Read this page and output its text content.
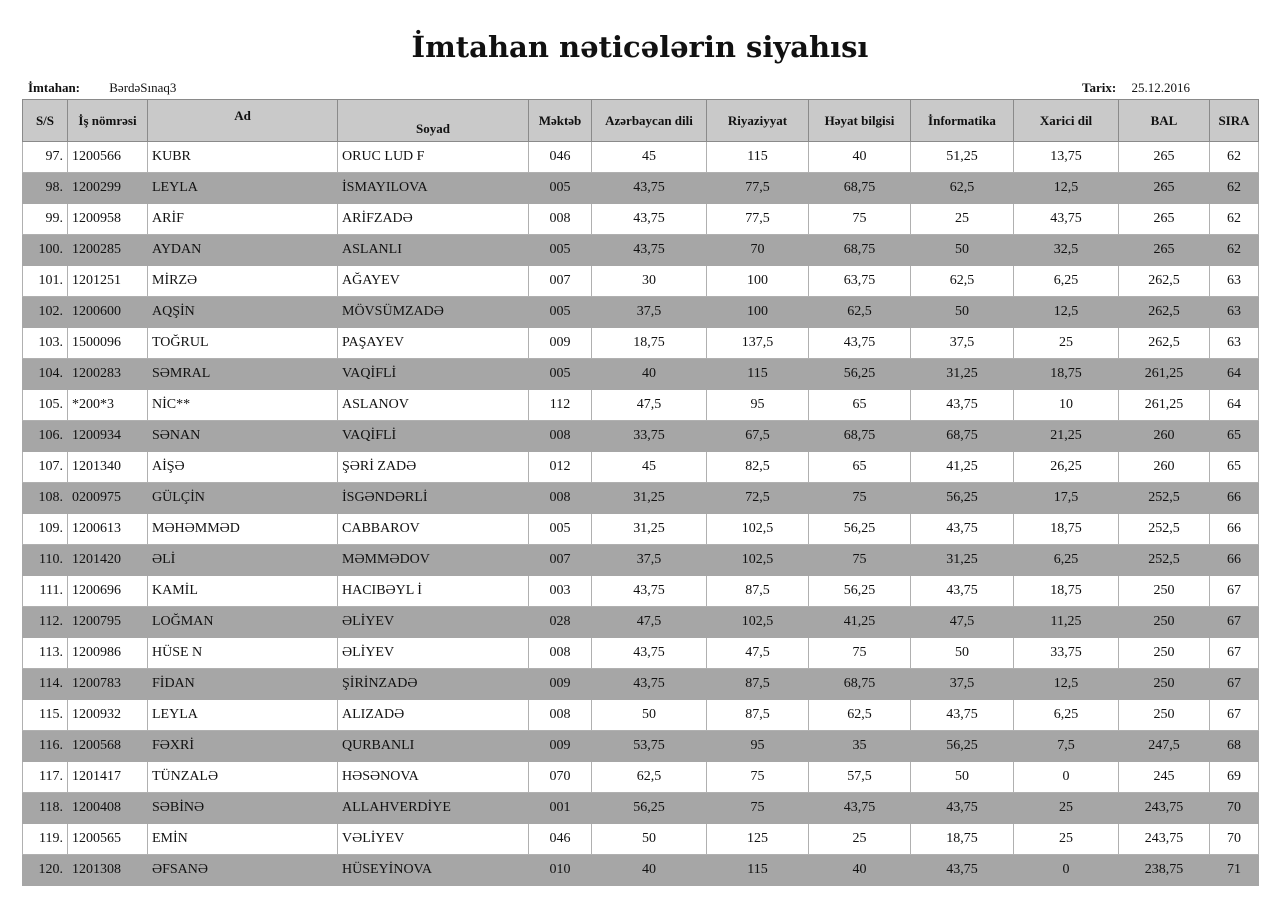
İmtahan nəticələrin siyahısı
İmtahan: BərdəSınaq3	Tarix: 25.12.2016
S/S	İş nömrəsi	Ad	Soyad	Məktəb	Azərbaycan dili	Riyaziyyat	Həyat bilgisi	İnformatika	Xarici dil	BAL	SIRA
97.	1200566	KUBR	ORUC LUD F	046	45	115	40	51,25	13,75	265	62
98.	1200299	LEYLA	İSMAYILOVA	005	43,75	77,5	68,75	62,5	12,5	265	62
99.	1200958	ARİF	ARİFZADƏ	008	43,75	77,5	75	25	43,75	265	62
100.	1200285	AYDAN	ASLANLI	005	43,75	70	68,75	50	32,5	265	62
101.	1201251	MİRZƏ	AĞAYEV	007	30	100	63,75	62,5	6,25	262,5	63
102.	1200600	AQŞİN	MÖVSÜMZADƏ	005	37,5	100	62,5	50	12,5	262,5	63
103.	1500096	TOĞRUL	PAŞAYEV	009	18,75	137,5	43,75	37,5	25	262,5	63
104.	1200283	SƏMRAL	VAQİFLİ	005	40	115	56,25	31,25	18,75	261,25	64
105.	*200*3	NİC**	ASLANOV	112	47,5	95	65	43,75	10	261,25	64
106.	1200934	SƏNAN	VAQİFLİ	008	33,75	67,5	68,75	68,75	21,25	260	65
107.	1201340	AİŞƏ	ŞƏRİ ZADƏ	012	45	82,5	65	41,25	26,25	260	65
108.	0200975	GÜLÇİN	İSGƏNDƏRLİ	008	31,25	72,5	75	56,25	17,5	252,5	66
109.	1200613	MƏHƏMMƏD	CABBAROV	005	31,25	102,5	56,25	43,75	18,75	252,5	66
110.	1201420	ƏLİ	MƏMMƏDOV	007	37,5	102,5	75	31,25	6,25	252,5	66
111.	1200696	KAMİL	HACIBƏYL İ	003	43,75	87,5	56,25	43,75	18,75	250	67
112.	1200795	LOĞMAN	ƏLİYEV	028	47,5	102,5	41,25	47,5	11,25	250	67
113.	1200986	HÜSE N	ƏLİYEV	008	43,75	47,5	75	50	33,75	250	67
114.	1200783	FİDAN	ŞİRİNZADƏ	009	43,75	87,5	68,75	37,5	12,5	250	67
115.	1200932	LEYLA	ALIZADƏ	008	50	87,5	62,5	43,75	6,25	250	67
116.	1200568	FƏXRİ	QURBANLI	009	53,75	95	35	56,25	7,5	247,5	68
117.	1201417	TÜNZALƏ	HƏSƏNOVA	070	62,5	75	57,5	50	0	245	69
118.	1200408	SƏBİNƏ	ALLAHVERDİYE	001	56,25	75	43,75	43,75	25	243,75	70
119.	1200565	EMİN	VƏLİYEV	046	50	125	25	18,75	25	243,75	70
120.	1201308	ƏFSANƏ	HÜSEYİNOVA	010	40	115	40	43,75	0	238,75	71
